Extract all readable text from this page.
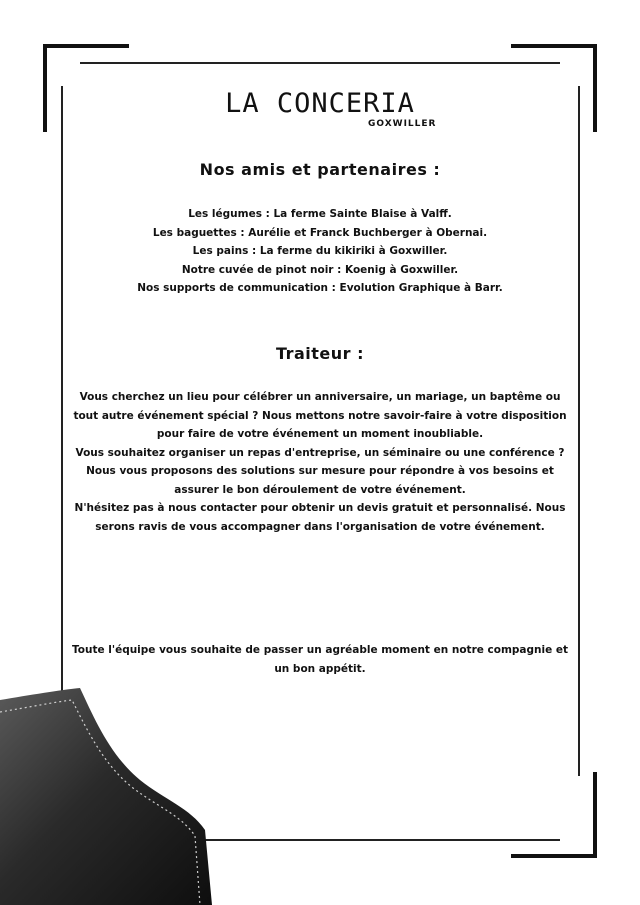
LA CONCERIA
GOXWILLER
Nos amis et partenaires :
Les légumes : La ferme Sainte Blaise à Valff.
Les baguettes : Aurélie et Franck Buchberger à Obernai.
Les pains : La ferme du kikiriki à Goxwiller.
Notre cuvée de pinot noir : Koenig à Goxwiller.
Nos supports de communication : Evolution Graphique à Barr.
Traiteur :

Vous cherchez un lieu pour célébrer un anniversaire, un mariage, un baptême ou tout autre événement spécial ? Nous mettons notre savoir-faire à votre disposition pour faire de votre événement un moment inoubliable.

Vous souhaitez organiser un repas d'entreprise, un séminaire ou une conférence ? Nous vous proposons des solutions sur mesure pour répondre à vos besoins et assurer le bon déroulement de votre événement.

N'hésitez pas à nous contacter pour obtenir un devis gratuit et personnalisé. Nous serons ravis de vous accompagner dans l'organisation de votre événement.

Toute l'équipe vous souhaite de passer un agréable moment en notre compagnie et un bon appétit.
